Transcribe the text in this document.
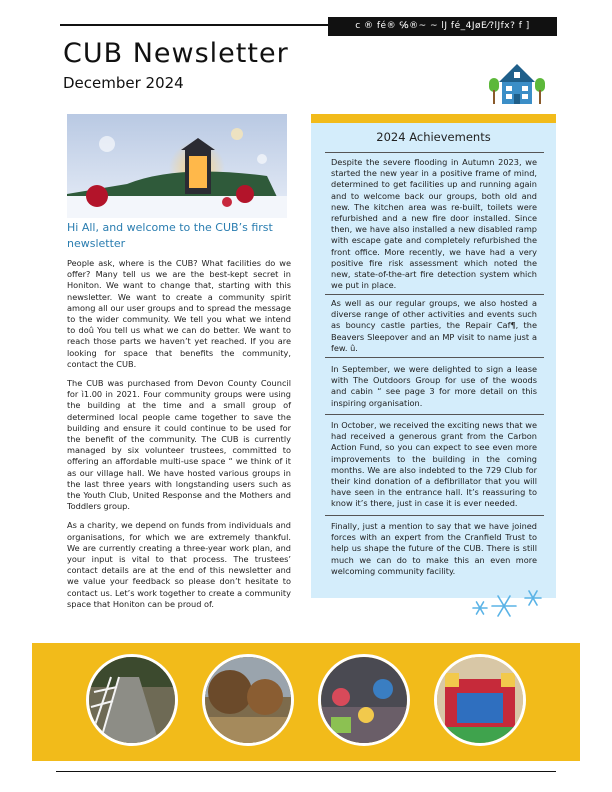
c ® fé® ℅®~ ~ lJ fé_4JøE⁄?lJfx? f ]
CUB Newsletter
December 2024
Hi All, and welcome to the CUB’s first newsletter

People ask, where is the CUB? What facilities do we offer? Many tell us we are the best-kept secret in Honiton. We want to change that, starting with this newsletter. We want to create a community spirit among all our user groups and to spread the message to the wider community. We tell you what we intend to doû You tell us what we can do better. We want to reach those parts we haven’t yet reached. If you are looking for space that benefits the community, contact the CUB.

The CUB was purchased from Devon County Council for ì1.00 in 2021. Four community groups were using the building at the time and a small group of determined local people came together to save the building and ensure it could continue to be used for the benefit of the community. The CUB is currently managed by six volunteer trustees, committed to offering an affordable multi-use space “ we think of it as our village hall. We have hosted various groups in the last three years with longstanding users such as the Youth Club, United Response and the Mothers and Toddlers group.

As a charity, we depend on funds from individuals and organisations, for which we are extremely thankful. We are currently creating a three-year work plan, and your input is vital to that process. The trustees’ contact details are at the end of this newsletter and we value your feedback so please don’t hesitate to contact us. Let’s work together to create a community space that Honiton can be proud of.

2024 Achievements
Despite the severe flooding in Autumn 2023, we started the new year in a positive frame of mind, determined to get facilities up and running again and to welcome back our groups, both old and new. The kitchen area was re-built, toilets were refurbished and a new fire door installed. Since then, we have also installed a new disabled ramp with escape gate and completely refurbished the front office. More recently, we have had a very positive fire risk assessment which noted the new, state-of-the-art fire detection system which we put in place.
As well as our regular groups, we also hosted a diverse range of other activities and events such as bouncy castle parties, the Repair Caf¶, the Beavers Sleepover and an MP visit to name just a few. û.
In September, we were delighted to sign a lease with The Outdoors Group for use of the woods and cabin “ see page 3 for more detail on this inspiring organisation.
In October, we received the exciting news that we had received a generous grant from the Carbon Action Fund, so you can expect to see even more improvements to the building in the coming months. We are also indebted to the 729 Club for their kind donation of a defibrillator that you will have seen in the entrance hall. It’s reassuring to know it’s there, just in case it is ever needed.
Finally, just a mention to say that we have joined forces with an expert from the Cranfield Trust to help us shape the future of the CUB. There is still much we can do to make this an even more welcoming community facility.
